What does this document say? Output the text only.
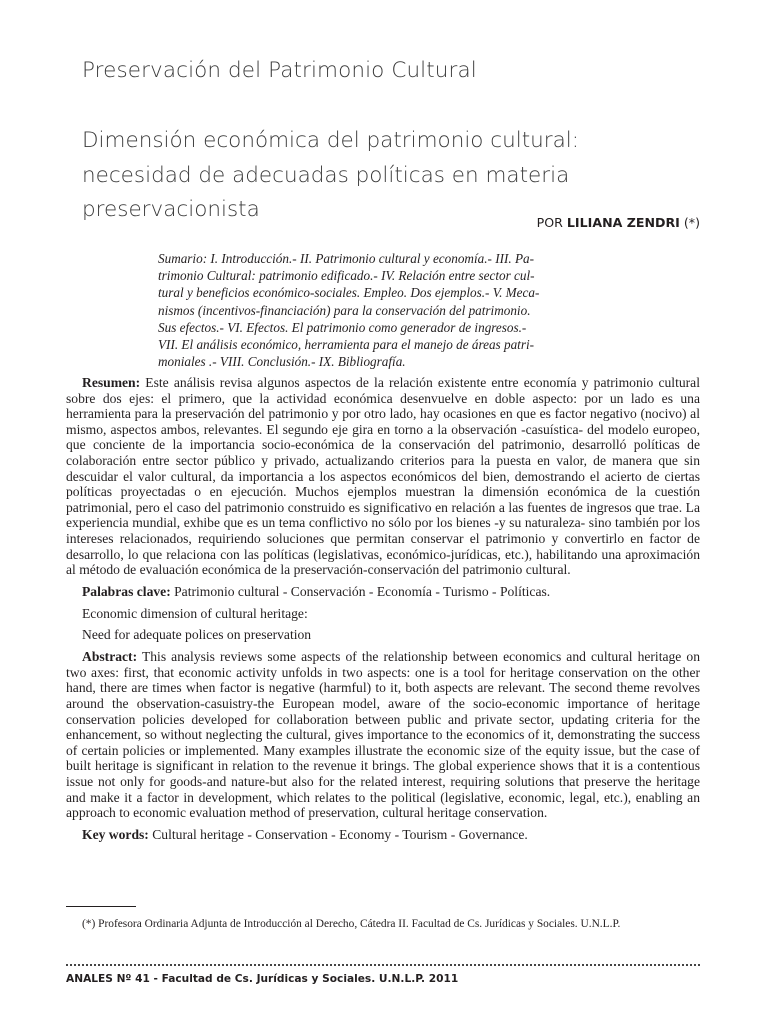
Preservación del Patrimonio Cultural
Dimensión económica del patrimonio cultural:
necesidad de adecuadas políticas en materia
preservacionista
POR LILIANA ZENDRI (*)
Sumario: I. Introducción.- II. Patrimonio cultural y economía.- III. Pa-
trimonio Cultural: patrimonio edificado.- IV. Relación entre sector cul-
tural y beneficios económico-sociales. Empleo. Dos ejemplos.- V. Meca-
nismos (incentivos-financiación) para la conservación del patrimonio.
Sus efectos.- VI. Efectos. El patrimonio como generador de ingresos.-
VII. El análisis económico, herramienta para el manejo de áreas patri-
moniales .- VIII. Conclusión.- IX. Bibliografía.

Resumen: Este análisis revisa algunos aspectos de la relación existente entre economía y patrimonio cultural sobre dos ejes: el primero, que la actividad económica desenvuelve en doble aspecto: por un lado es una herramienta para la preservación del patrimonio y por otro lado, hay ocasiones en que es factor negativo (nocivo) al mismo, aspectos ambos, relevantes. El segundo eje gira en torno a la observación -casuística- del modelo europeo, que conciente de la importancia socio-económica de la conservación del patrimonio, desarrolló políticas de colaboración entre sector público y privado, actualizando criterios para la puesta en valor, de manera que sin descuidar el valor cultural, da importancia a los aspectos económicos del bien, demostrando el acierto de ciertas políticas proyectadas o en ejecución. Muchos ejemplos muestran la dimensión económica de la cuestión patrimonial, pero el caso del patrimonio construido es significativo en relación a las fuentes de ingresos que trae. La experiencia mundial, exhibe que es un tema conflictivo no sólo por los bienes -y su naturaleza- sino también por los intereses relacionados, requiriendo soluciones que permitan conservar el patrimonio y convertirlo en factor de desarrollo, lo que relaciona con las políticas (legislativas, económico-jurídicas, etc.), habilitando una aproximación al método de evaluación económica de la preservación-conservación del patrimonio cultural.

Palabras clave: Patrimonio cultural - Conservación - Economía - Turismo - Políticas.

Economic dimension of cultural heritage:

Need for adequate polices on preservation

Abstract: This analysis reviews some aspects of the relationship between economics and cultural heritage on two axes: first, that economic activity unfolds in two aspects: one is a tool for heritage conservation on the other hand, there are times when factor is negative (harmful) to it, both aspects are relevant. The second theme revolves around the observation-casuistry-the European model, aware of the socio-economic importance of heritage conservation policies developed for collaboration between public and private sector, updating criteria for the enhancement, so without neglecting the cultural, gives importance to the economics of it, demonstrating the success of certain policies or implemented. Many examples illustrate the economic size of the equity issue, but the case of built heritage is significant in relation to the revenue it brings. The global experience shows that it is a contentious issue not only for goods-and nature-but also for the related interest, requiring solutions that preserve the heritage and make it a factor in development, which relates to the political (legislative, economic, legal, etc.), enabling an approach to economic evaluation method of preservation, cultural heritage conservation.

Key words: Cultural heritage - Conservation - Economy - Tourism - Governance.

(*) Profesora Ordinaria Adjunta de Introducción al Derecho, Cátedra II. Facultad de Cs. Jurídicas y Sociales. U.N.L.P.
ANALES Nº 41 - Facultad de Cs. Jurídicas y Sociales. U.N.L.P. 2011
